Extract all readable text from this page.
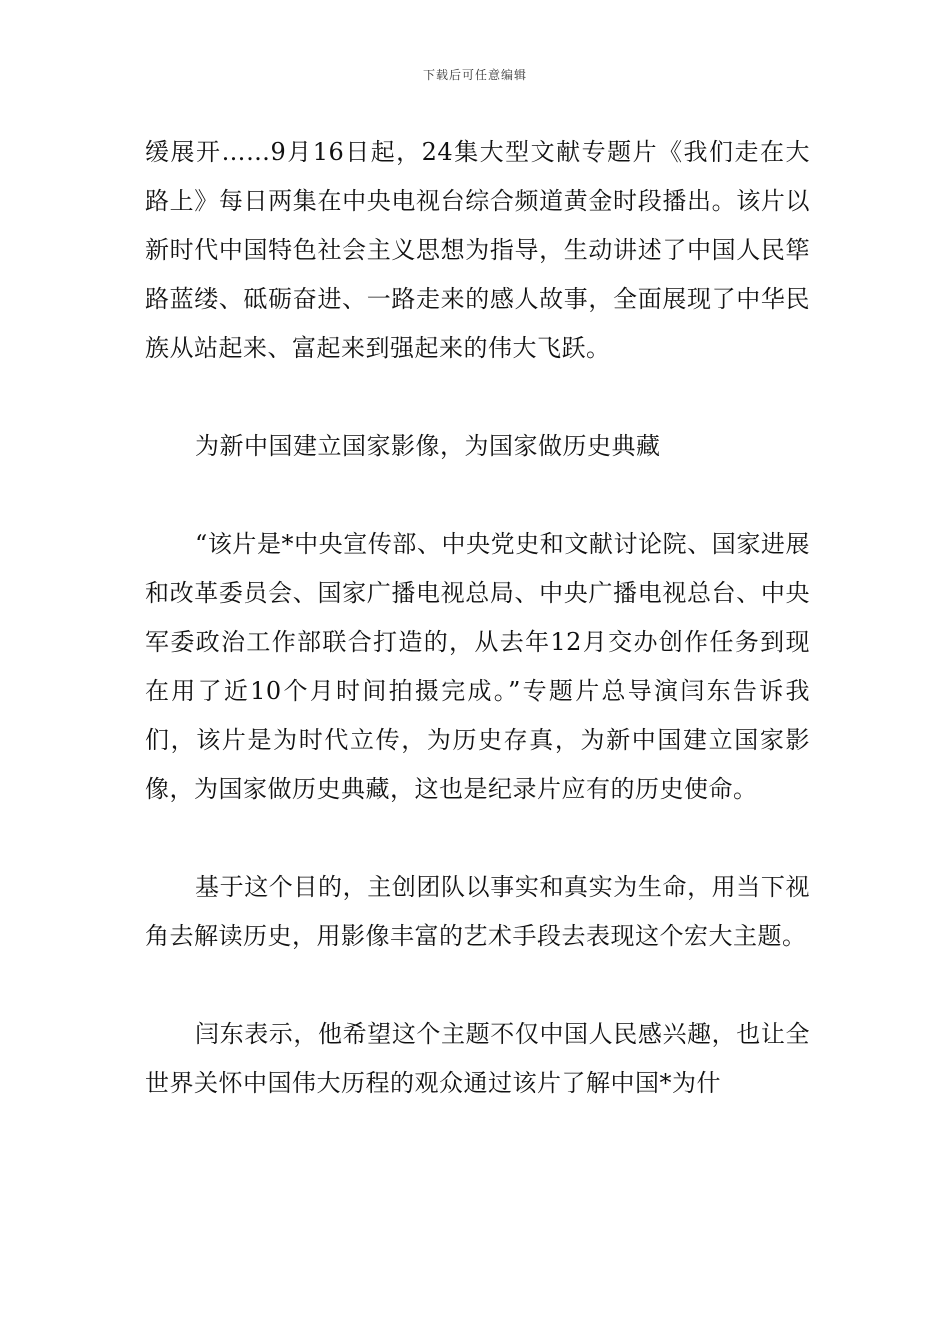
下载后可任意编辑

缓展开……9月16日起，24集大型文献专题片《我们走在大路上》每日两集在中央电视台综合频道黄金时段播出。该片以新时代中国特色社会主义思想为指导，生动讲述了中国人民筚路蓝缕、砥砺奋进、一路走来的感人故事，全面展现了中华民族从站起来、富起来到强起来的伟大飞跃。

为新中国建立国家影像，为国家做历史典藏

“该片是*中央宣传部、中央党史和文献讨论院、国家进展和改革委员会、国家广播电视总局、中央广播电视总台、中央军委政治工作部联合打造的，从去年12月交办创作任务到现在用了近10个月时间拍摄完成。”专题片总导演闫东告诉我们，该片是为时代立传，为历史存真，为新中国建立国家影像，为国家做历史典藏，这也是纪录片应有的历史使命。

基于这个目的，主创团队以事实和真实为生命，用当下视角去解读历史，用影像丰富的艺术手段去表现这个宏大主题。

闫东表示，他希望这个主题不仅中国人民感兴趣，也让全世界关怀中国伟大历程的观众通过该片了解中国*为什
